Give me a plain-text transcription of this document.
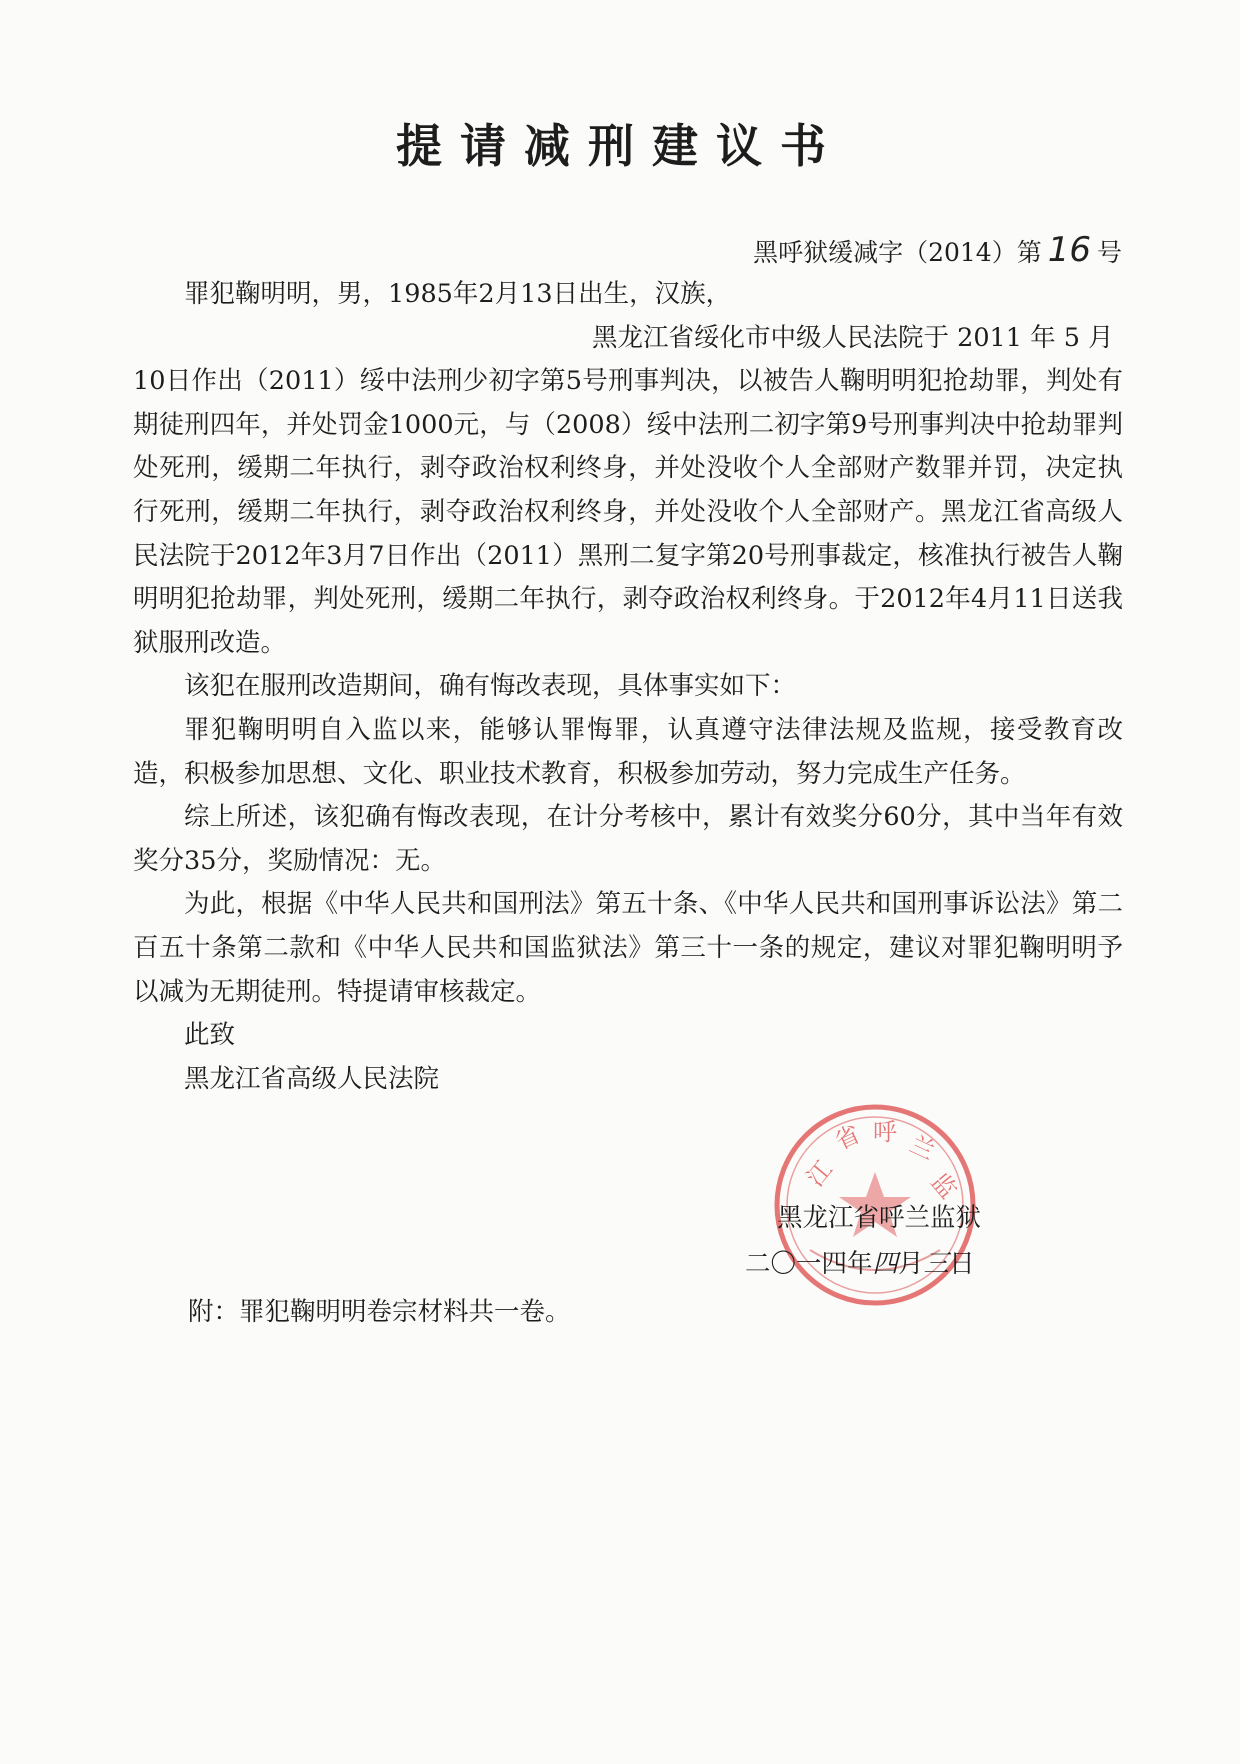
提请减刑建议书
黑呼狱缓减字（2014）第 16 号

罪犯鞠明明，男，1985年2月13日出生，汉族，

黑龙江省绥化市中级人民法院于 2011 年 5 月

10日作出（2011）绥中法刑少初字第5号刑事判决，以被告人鞠明明犯抢劫罪，判处有期徒刑四年，并处罚金1000元，与（2008）绥中法刑二初字第9号刑事判决中抢劫罪判处死刑，缓期二年执行，剥夺政治权利终身，并处没收个人全部财产数罪并罚，决定执行死刑，缓期二年执行，剥夺政治权利终身，并处没收个人全部财产。黑龙江省高级人民法院于2012年3月7日作出（2011）黑刑二复字第20号刑事裁定，核准执行被告人鞠明明犯抢劫罪，判处死刑，缓期二年执行，剥夺政治权利终身。于2012年4月11日送我狱服刑改造。

该犯在服刑改造期间，确有悔改表现，具体事实如下：

罪犯鞠明明自入监以来，能够认罪悔罪，认真遵守法律法规及监规，接受教育改造，积极参加思想、文化、职业技术教育，积极参加劳动，努力完成生产任务。

综上所述，该犯确有悔改表现，在计分考核中，累计有效奖分60分，其中当年有效奖分35分，奖励情况：无。

为此，根据《中华人民共和国刑法》第五十条、《中华人民共和国刑事诉讼法》第二百五十条第二款和《中华人民共和国监狱法》第三十一条的规定，建议对罪犯鞠明明予以减为无期徒刑。特提请审核裁定。

此致

黑龙江省高级人民法院

江
省 呼 兰
监
黑龙江省呼兰监狱
二〇一四年四月三日
附：罪犯鞠明明卷宗材料共一卷。
